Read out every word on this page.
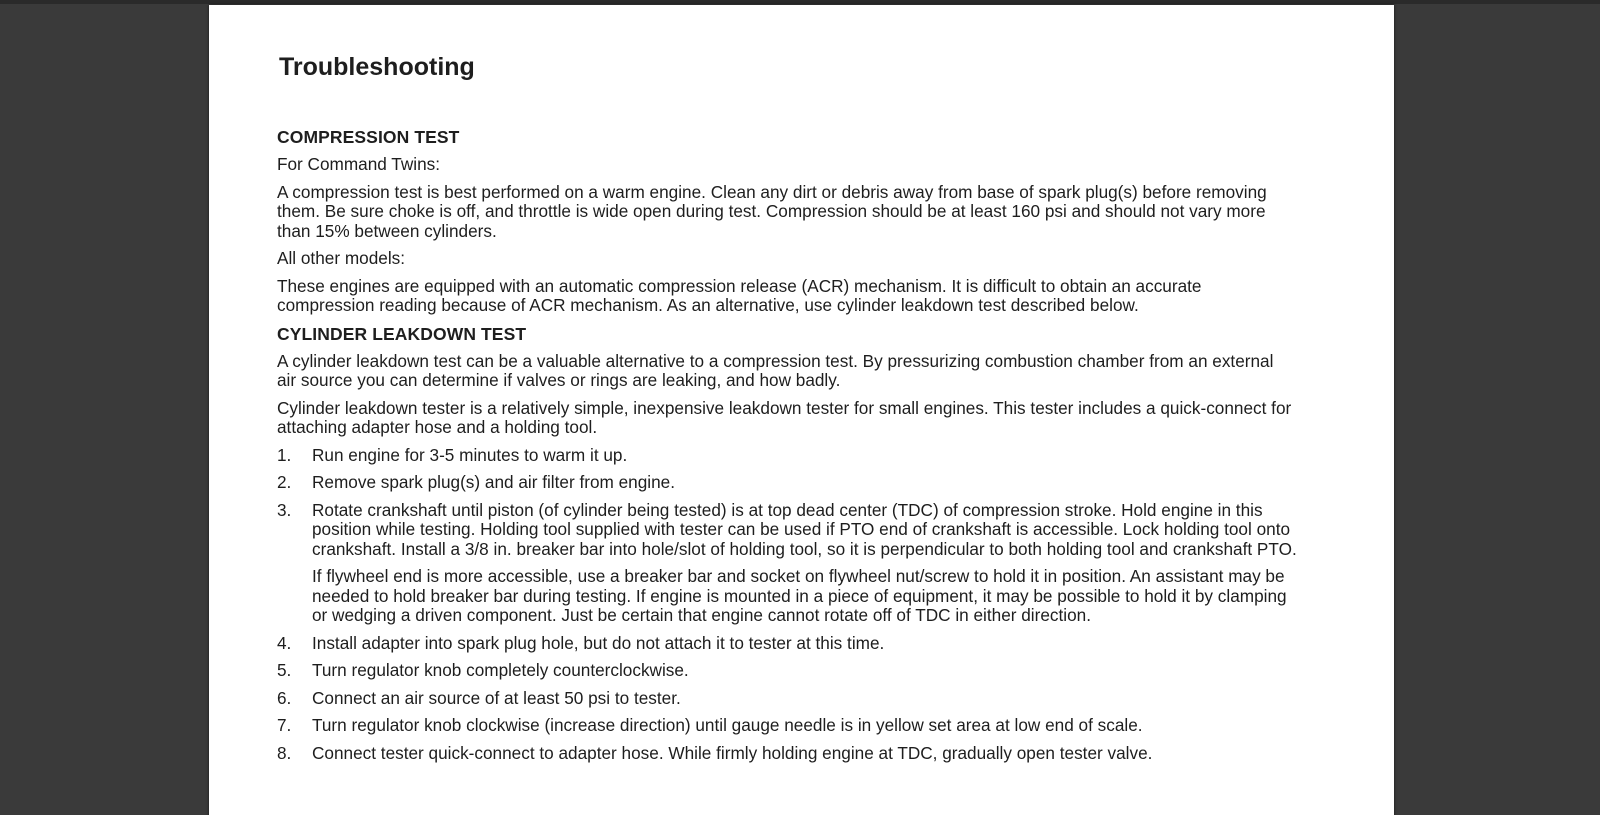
Troubleshooting
COMPRESSION TEST

For Command Twins:

A compression test is best performed on a warm engine. Clean any dirt or debris away from base of spark plug(s) before removing them. Be sure choke is off, and throttle is wide open during test. Compression should be at least 160 psi and should not vary more than 15% between cylinders.

All other models:

These engines are equipped with an automatic compression release (ACR) mechanism. It is difficult to obtain an accurate compression reading because of ACR mechanism. As an alternative, use cylinder leakdown test described below.

CYLINDER LEAKDOWN TEST

A cylinder leakdown test can be a valuable alternative to a compression test. By pressurizing combustion chamber from an external air source you can determine if valves or rings are leaking, and how badly.

Cylinder leakdown tester is a relatively simple, inexpensive leakdown tester for small engines. This tester includes a quick-connect for attaching adapter hose and a holding tool.

1. Run engine for 3-5 minutes to warm it up.
2. Remove spark plug(s) and air filter from engine.
3. Rotate crankshaft until piston (of cylinder being tested) is at top dead center (TDC) of compression stroke. Hold engine in this position while testing. Holding tool supplied with tester can be used if PTO end of crankshaft is accessible. Lock holding tool onto crankshaft. Install a 3/8 in. breaker bar into hole/slot of holding tool, so it is perpendicular to both holding tool and crankshaft PTO.
If flywheel end is more accessible, use a breaker bar and socket on flywheel nut/screw to hold it in position. An assistant may be needed to hold breaker bar during testing. If engine is mounted in a piece of equipment, it may be possible to hold it by clamping or wedging a driven component. Just be certain that engine cannot rotate off of TDC in either direction.
4. Install adapter into spark plug hole, but do not attach it to tester at this time.
5. Turn regulator knob completely counterclockwise.
6. Connect an air source of at least 50 psi to tester.
7. Turn regulator knob clockwise (increase direction) until gauge needle is in yellow set area at low end of scale.
8. Connect tester quick-connect to adapter hose. While firmly holding engine at TDC, gradually open tester valve.
